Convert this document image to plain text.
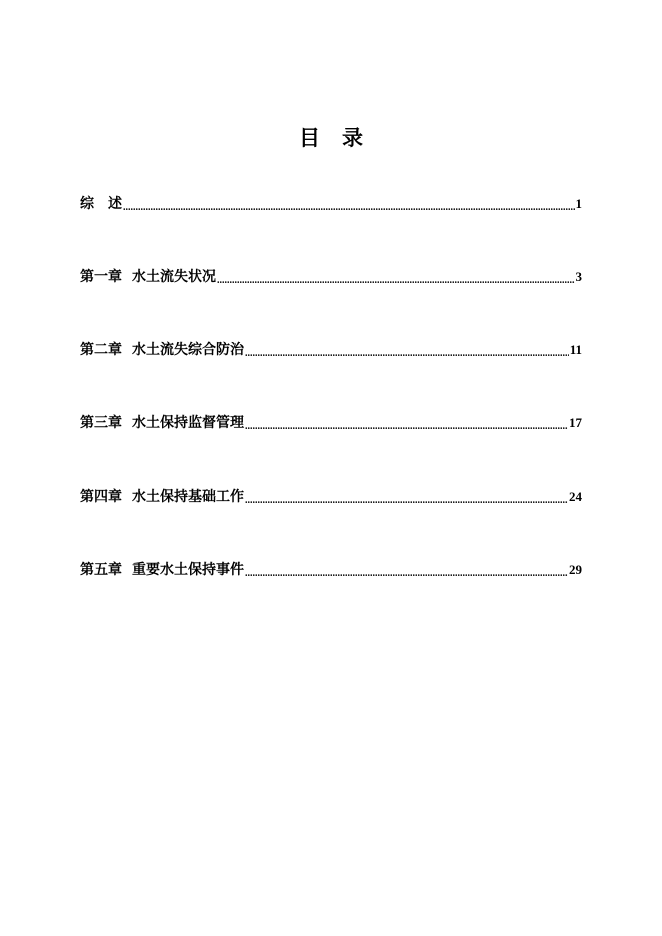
目 录
综　述 .....	1
第一章 水土流失状况 .....	3
第二章 水土流失综合防治 .....	11
第三章 水土保持监督管理 .....	17
第四章 水土保持基础工作 .....	24
第五章 重要水土保持事件 .....	29
